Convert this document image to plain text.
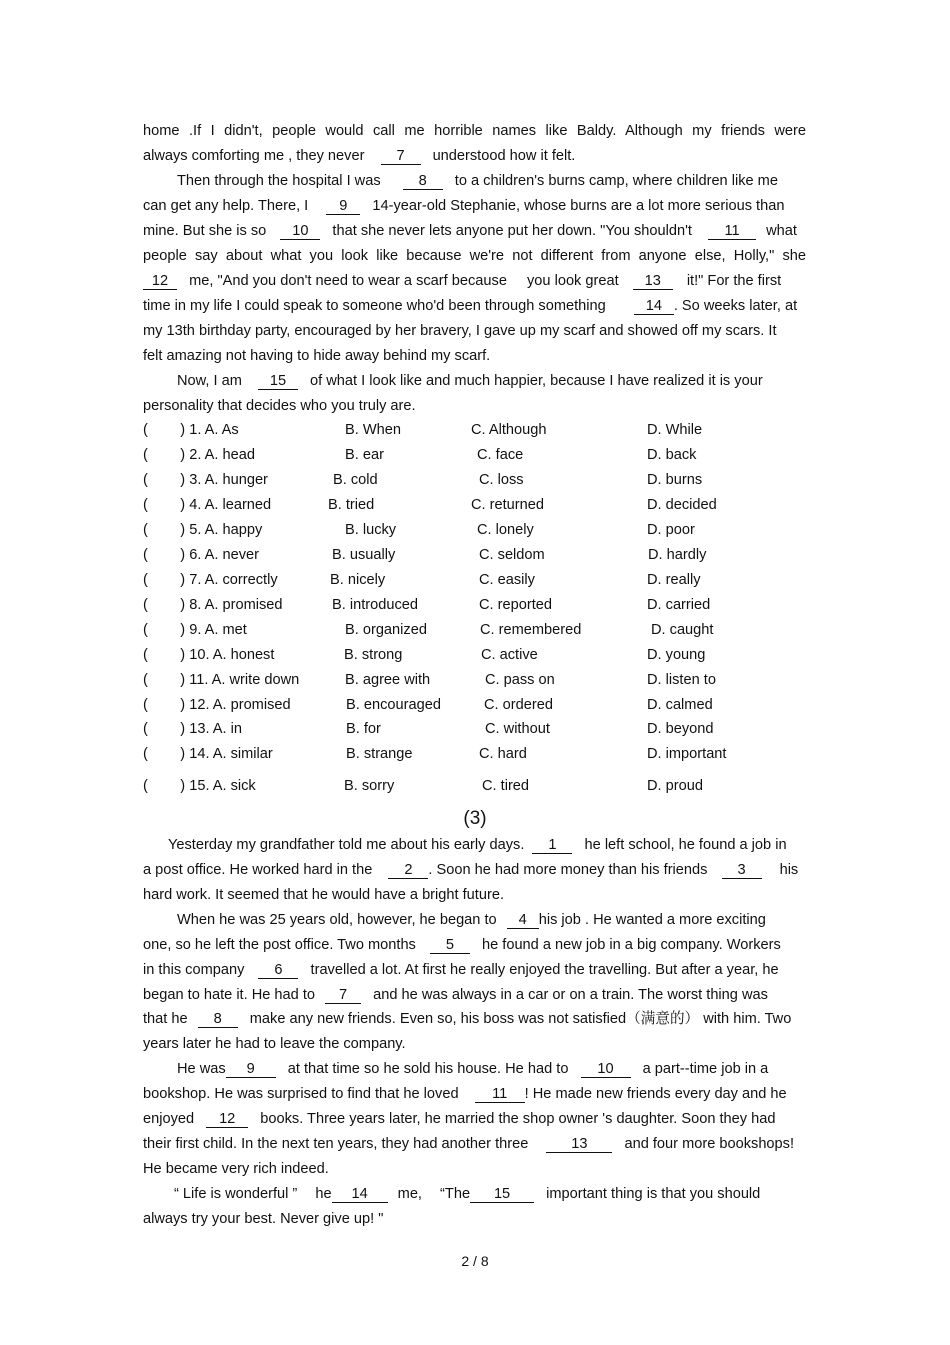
home .If I didn't, people would call me horrible names like Baldy. Although my friends were
always comforting me , they never 7 understood how it felt.
Then through the hospital I was	8 to a children's burns camp, where children like me
can get any help. There, I 9 14-year-old Stephanie, whose burns are a lot more serious than
mine. But she is so 10 that she never lets anyone put her down. "You shouldn't 11 what
people say about what you look like because we're not different from anyone else, Holly," she
12 me, "And you don't need to wear a scarf because you look great 13 it!" For the first
time in my life I could speak to someone who'd been through something	14 . So weeks later, at
my 13th birthday party, encouraged by her bravery, I gave up my scarf and showed off my scars. It
felt amazing not having to hide away behind my scarf.
Now, I am 15 of what I look like and much happier, because I have realized it is your
personality that decides who you truly are.
(        ) 1. A. As	B. When	C. Although	D. While
(        ) 2. A. head	B. ear	C. face	D. back
(        ) 3. A. hunger	B. cold	C. loss	D. burns
(        ) 4. A. learned	B. tried	C. returned	D. decided
(        ) 5. A. happy	B. lucky	C. lonely	D. poor
(        ) 6. A. never	B. usually	C. seldom	D. hardly
(        ) 7. A. correctly	B. nicely	C. easily	D. really
(        ) 8. A. promised	B. introduced	C. reported	D. carried
(        ) 9. A. met	B. organized	C. remembered	D. caught
(        ) 10. A. honest	B. strong	C. active	D. young
(        ) 11. A. write down	B. agree with	C. pass on	D. listen to
(        ) 12. A. promised	B. encouraged	C. ordered	D. calmed
(        ) 13. A. in	B. for	C. without	D. beyond
(        ) 14. A. similar	B. strange	C. hard	D. important
(        ) 15. A. sick	B. sorry	C. tired	D. proud
(3)
Yesterday my grandfather told me about his early days. 1 he left school, he found a job in
a post office. He worked hard in the 2 . Soon he had more money than his friends 3 his
hard work. It seemed that he would have a bright future.
When he was 25 years old, however, he began to 4 his job . He wanted a more exciting
one, so he left the post office. Two months 5 he found a new job in a big company. Workers
in this company 6 travelled a lot. At first he really enjoyed the travelling. But after a year, he
began to hate it. He had to 7 and he was always in a car or on a train. The worst thing was
that he 8 make any new friends. Even so, his boss was not satisfied（满意的） with him. Two
years later he had to leave the company.
He was 9 at that time so he sold his house. He had to 10 a part--time job in a
bookshop. He was surprised to find that he loved 11 ! He made new friends every day and he
enjoyed 12 books. Three years later, he married the shop owner 's daughter. Soon they had
their first child. In the next ten years, they had another three	13	and four more bookshops!
He became very rich indeed.
“ Life is wonderful ” he 14 me, “The 15 important thing is that you should
always try your best. Never give up! "
2 / 8
